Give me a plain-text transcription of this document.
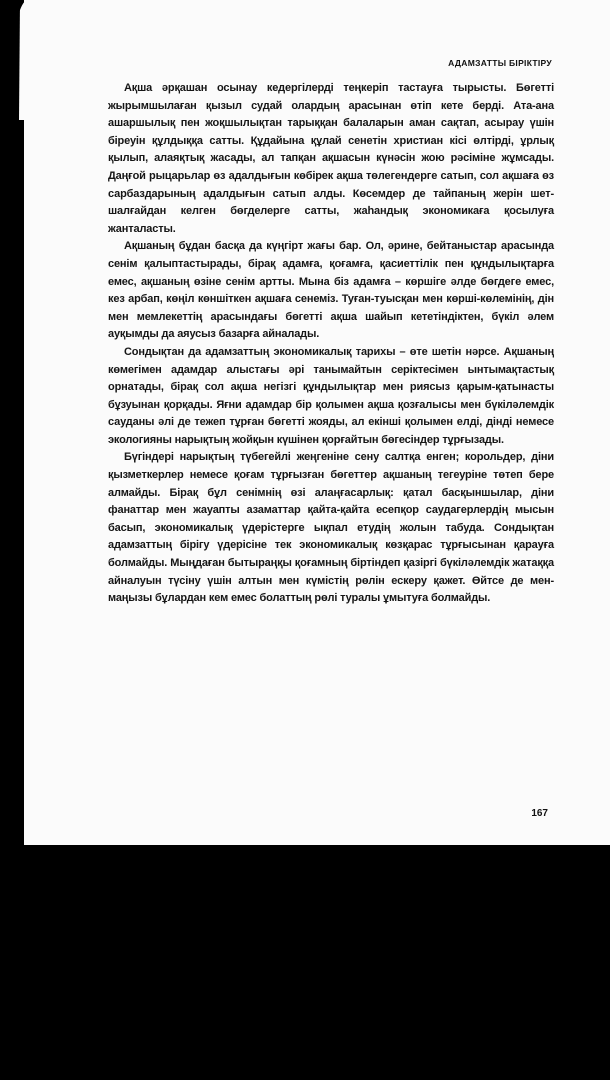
АДАМЗАТТЫ БІРІКТІРУ

Ақша әрқашан осынау кедергілерді теңкеріп тастауға тырысты. Бөгетті жырымшылаған қызыл судай олардың арасынан өтіп кете берді. Ата-ана ашаршылық пен жоқшылықтан тарыққан балаларын аман сақтап, асырау үшін біреуін құлдыққа сатты. Құдайына құлай сенетін христиан кісі өлтірді, ұрлық қылып, алаяқтық жасады, ал тапқан ақшасын күнәсін жою рәсіміне жұмсады. Даңғой рыцарьлар өз адалдығын көбірек ақша төлегендерге сатып, сол ақшаға өз сарбаздарының адалдығын сатып алды. Көсемдер де тайпаның жерін шет-шалғайдан келген бөгделерге сатты, жаһандық экономикаға қосылуға жанталасты.

Ақшаның бұдан басқа да күңгірт жағы бар. Ол, әрине, бейтаныстар арасында сенім қалыптастырады, бірақ адамға, қоғамға, қасиеттілік пен құндылықтарға емес, ақшаның өзіне сенім артты. Мына біз адамға – көршіге әлде бөгдеге емес, кез арбап, көңіл көншіткен ақшаға сенеміз. Туған-туысқан мен көрші-көлемінің, дін мен мемлекеттің арасындағы бөгетті ақша шайып кететіндіктен, бүкіл әлем ауқымды да аяусыз базарға айналады.

Сондықтан да адамзаттың экономикалық тарихы – өте шетін нәрсе. Ақшаның көмегімен адамдар алыстағы әрі танымайтын серіктесімен ынтымақтастық орнатады, бірақ сол ақша негізгі құндылықтар мен риясыз қарым-қатынасты бұзуынан қорқады. Яғни адамдар бір қолымен ақша қозғалысы мен бүкіләлемдік сауданы әлі де тежеп тұрған бөгетті жояды, ал екінші қолымен елді, дінді немесе экологияны нарықтың жойқын күшінен қорғайтын бөгесіндер тұрғызады.

Бүгіндері нарықтың түбегейлі жеңгеніне сену салтқа енген; корольдер, діни қызметкерлер немесе қоғам тұрғызған бөгеттер ақшаның тегеуріне төтеп бере алмайды. Бірақ бұл сенімнің өзі алаңғасарлық: қатал басқыншылар, діни фанаттар мен жауапты азаматтар қайта-қайта есепқор саудагерлердің мысын басып, экономикалық үдерістерге ықпал етудің жолын табуда. Сондықтан адамзаттың бірігу үдерісіне тек экономикалық көзқарас тұрғысынан қарауға болмайды. Мыңдаған бытыраңқы қоғамның біртіндеп қазіргі бүкіләлемдік жатаққа айналуын түсіну үшін алтын мен күмістің рөлін ескеру қажет. Өйтсе де мен-маңызы бұлардан кем емес болаттың рөлі туралы ұмытуға болмайды.

167
